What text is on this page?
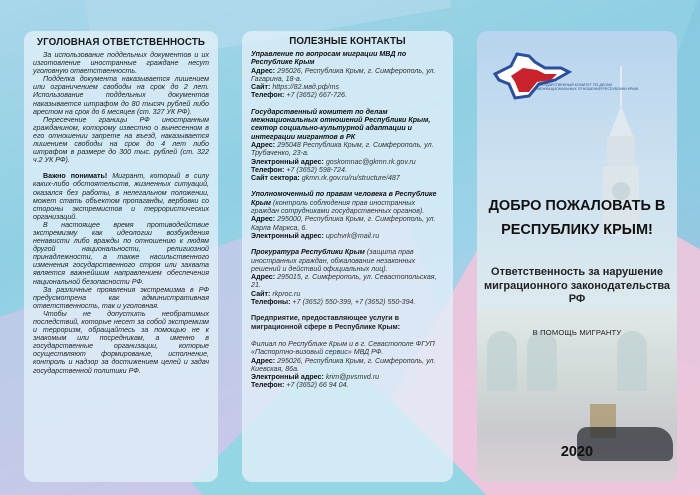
УГОЛОВНАЯ ОТВЕТСТВЕННОСТЬ

За использование поддельных документов и их изготовление иностранные граждане несут уголовную ответственность.

Подделка документа наказывается лишением или ограничением свободы на срок до 2 лет. Использование поддельных документов наказывается штрафом до 80 тысяч рублей либо арестом на срок до 6 месяцев (ст. 327 УК РФ).

Пересечение границы РФ иностранным гражданином, которому известно о вынесенном в его отношении запрете на въезд, наказывается лишением свободы на срок до 4 лет либо штрафом в размере до 300 тыс. рублей (ст. 322 ч.2 УК РФ).

Важно понимать! Мигрант, который в силу каких-либо обстоятельств, жизненных ситуаций, оказался без работы, в нелегальном положении, может стать объектом пропаганды, вербовки со стороны экстремистов и террористических организаций.

В настоящее время противодействие экстремизму как идеологии возбуждения ненависти либо вражды по отношению к людям другой национальности, религиозной принадлежности, а также насильственного изменения государственного строя или захвата является важнейшим направлением обеспечения национальной безопасности РФ.

За различные проявления экстремизма в РФ предусмотрена как административная ответственность, так и уголовная.

Чтобы не допустить необратимых последствий, которые несет за собой экстремизм и терроризм, обращайтесь за помощью не к знакомым или посредникам, а именно в государственные организации, которые осуществляют формирование, исполнение, контроль и надзор за достижением целей и задач государственной политики РФ.

ПОЛЕЗНЫЕ КОНТАКТЫ
Управление по вопросам миграции МВД по Республике Крым
Адрес: 295026, Республика Крым, г. Симферополь, ул. Гагарина, 18-а.
Сайт: https://82.мвд.рф/ms
Телефон: +7 (3652) 667-726.
Государственный комитет по делам межнациональных отношений Республики Крым, сектор социально-культурной адаптации и интеграции мигрантов в РК
Адрес: 295048 Республика Крым, г. Симферополь, ул. Трубаченко, 23-а.
Электронный адрес: goskomnac@gkmn.rk.gov.ru
Телефон: +7 (3652) 598-724.
Сайт сектора: gkmn.rk.gov.ru/ru/structure/487
Уполномоченный по правам человека в Республике Крым (контроль соблюдения прав иностранных граждан сотрудниками государственных органов).
Адрес: 295000, Республика Крым, г. Симферополь, ул. Карла Маркса, 6.
Электронный адрес: upchvrk@mail.ru
Прокуратура Республики Крым (защита прав иностранных граждан, обжалование незаконных решений и действий официальных лиц).
Адрес: 295015, г. Симферополь, ул. Севастопольская, 21.
Сайт: rkproc.ru
Телефоны: +7 (3652) 550-399, +7 (3652) 550-394.
Предприятие, предоставляющее услуги в миграционной сфере в Республике Крым:
Филиал по Республике Крым и в г. Севастополе ФГУП «Паспортно-визовый сервис» МВД РФ.
Адрес: 295026, Республика Крым, г. Симферополь, ул. Киевская, 86а.
Электронный адрес: krim@pvsmvd.ru
Телефон: +7 (3652) 66 94 04.
ГОСУДАРСТВЕННЫЙ КОМИТЕТ ПО ДЕЛАМ МЕЖНАЦИОНАЛЬНЫХ ОТНОШЕНИЙ РЕСПУБЛИКИ КРЫМ
ДОБРО ПОЖАЛОВАТЬ В
РЕСПУБЛИКУ КРЫМ!
Ответственность за нарушение миграционного законодательства РФ
В ПОМОЩЬ МИГРАНТУ
2020
